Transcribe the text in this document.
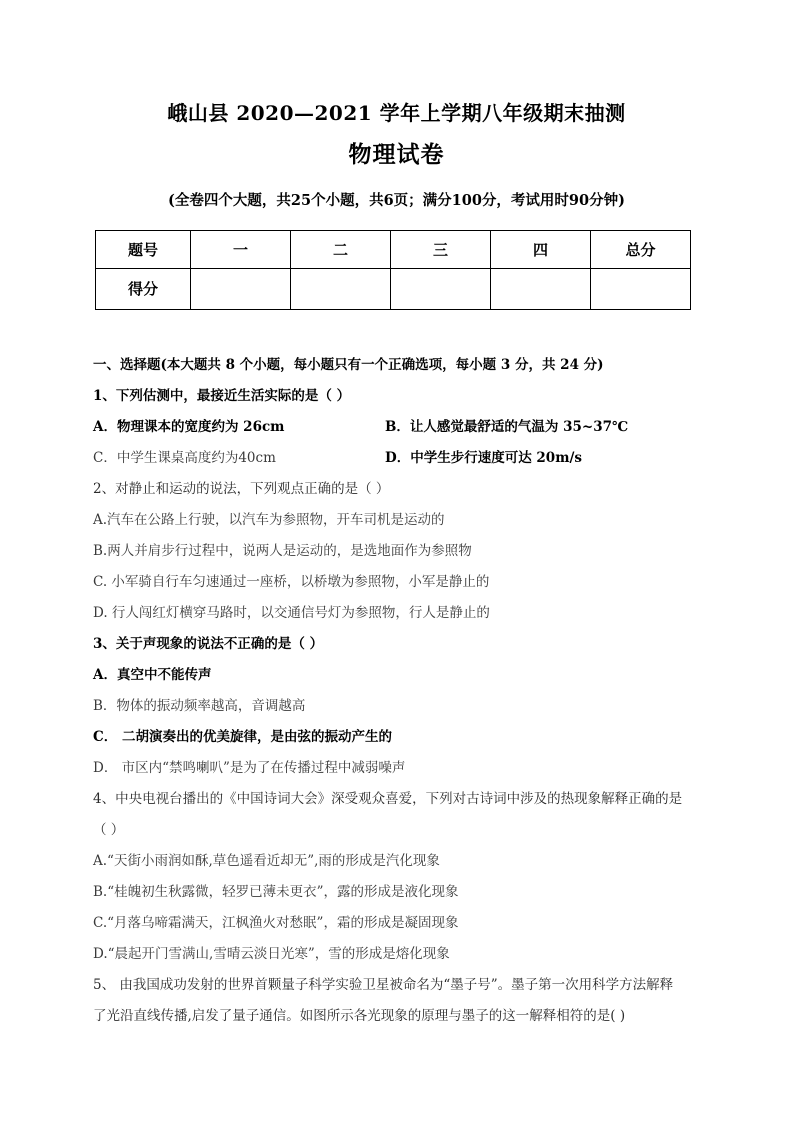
峨山县 2020—2021 学年上学期八年级期末抽测
物理试卷
(全卷四个大题，共25个小题，共6页；满分100分，考试用时90分钟)
题号	一	二	三	四	总分
得分					
一、选择题(本大题共 8 个小题，每小题只有一个正确选项，每小题 3 分，共 24 分)
1、下列估测中，最接近生活实际的是（ ）
A．物理课本的宽度约为 26cm	B．让人感觉最舒适的气温为 35~37℃
C．中学生课桌高度约为40cm	D．中学生步行速度可达 20m/s
2、对静止和运动的说法，下列观点正确的是（ ）
A.汽车在公路上行驶，以汽车为参照物，开车司机是运动的
B.两人并肩步行过程中，说两人是运动的，是选地面作为参照物
C. 小军骑自行车匀速通过一座桥，以桥墩为参照物，小军是静止的
D. 行人闯红灯横穿马路时，以交通信号灯为参照物，行人是静止的
3、关于声现象的说法不正确的是（ ）
A．真空中不能传声
B．物体的振动频率越高，音调越高
C． 二胡演奏出的优美旋律，是由弦的振动产生的
D． 市区内“禁鸣喇叭”是为了在传播过程中减弱噪声
4、中央电视台播出的《中国诗词大会》深受观众喜爱，下列对古诗词中涉及的热现象解释正确的是
（ ）
A.“天街小雨润如酥,草色遥看近却无”,雨的形成是汽化现象
B.“桂魄初生秋露微，轻罗已薄未更衣”，露的形成是液化现象
C.“月落乌啼霜满天，江枫渔火对愁眠”，霜的形成是凝固现象
D.“晨起开门雪满山,雪晴云淡日光寒”，雪的形成是熔化现象
5、 由我国成功发射的世界首颗量子科学实验卫星被命名为“墨子号”。墨子第一次用科学方法解释
了光沿直线传播,启发了量子通信。如图所示各光现象的原理与墨子的这一解释相符的是( )
